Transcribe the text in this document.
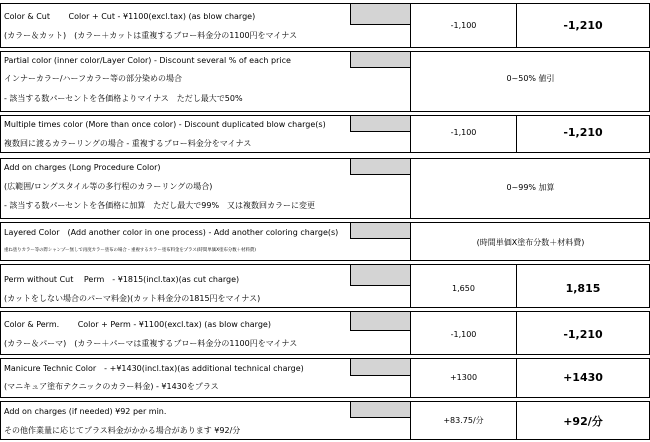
Color & Cut　　 Color + Cut - ¥1100(excl.tax) (as blow charge)
(カラー＆カット)　(カラー＋カットは重複するブロー料金分の1100円をマイナス
-1,100	-1,210
Partial color (inner color/Layer Color) - Discount several % of each price
インナーカラー/ハーフカラー等の部分染めの場合
- 該当する数パーセントを各価格よりマイナス　ただし最大で50%
0~50% 値引
Multiple times color (More than once color) - Discount duplicated blow charge(s)
複数回に渡るカラーリングの場合 - 重複するブロー料金分をマイナス
-1,100	-1,210
Add on charges (Long Procedure Color)
(広範囲/ロングスタイル等の多行程のカラーリングの場合)
- 該当する数パーセントを各価格に加算　ただし最大で99%　又は複数回カラーに変更
0~99% 加算
Layered Color　(Add another color in one process) - Add another coloring charge(s)
重ね塗りカラー等の際シャンプー無しで再度カラー塗布の場合 - 重複するカラー塗布料金をプラス(時間単価X塗布分数＋材料費)
(時間単価X塗布分数＋材料費)
Perm without Cut　 Perm　- ¥1815(incl.tax)(as cut charge)
(カットをしない場合のパーマ料金)(カット料金分の1815円をマイナス)
1,650	1,815
Color & Perm.　　 Color + Perm - ¥1100(excl.tax) (as blow charge)
(カラー＆パーマ)　(カラー＋パーマは重複するブロー料金分の1100円をマイナス
-1,100	-1,210
Manicure Technic Color　- +¥1430(incl.tax)(as additional technical charge)
(マニキュア塗布テクニックのカラー料金) - ¥1430をプラス
+1300	+1430
Add on charges (if needed) ¥92 per min.
その他作業量に応じてプラス料金がかかる場合があります ¥92/分
+83.75/分	+92/分
